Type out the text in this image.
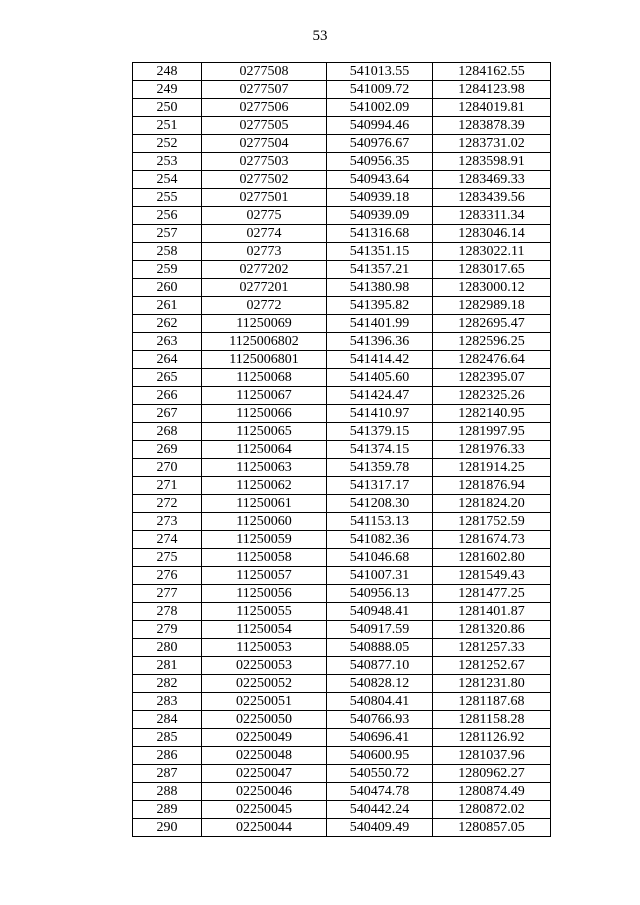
53
248	0277508	541013.55	1284162.55
249	0277507	541009.72	1284123.98
250	0277506	541002.09	1284019.81
251	0277505	540994.46	1283878.39
252	0277504	540976.67	1283731.02
253	0277503	540956.35	1283598.91
254	0277502	540943.64	1283469.33
255	0277501	540939.18	1283439.56
256	02775	540939.09	1283311.34
257	02774	541316.68	1283046.14
258	02773	541351.15	1283022.11
259	0277202	541357.21	1283017.65
260	0277201	541380.98	1283000.12
261	02772	541395.82	1282989.18
262	11250069	541401.99	1282695.47
263	1125006802	541396.36	1282596.25
264	1125006801	541414.42	1282476.64
265	11250068	541405.60	1282395.07
266	11250067	541424.47	1282325.26
267	11250066	541410.97	1282140.95
268	11250065	541379.15	1281997.95
269	11250064	541374.15	1281976.33
270	11250063	541359.78	1281914.25
271	11250062	541317.17	1281876.94
272	11250061	541208.30	1281824.20
273	11250060	541153.13	1281752.59
274	11250059	541082.36	1281674.73
275	11250058	541046.68	1281602.80
276	11250057	541007.31	1281549.43
277	11250056	540956.13	1281477.25
278	11250055	540948.41	1281401.87
279	11250054	540917.59	1281320.86
280	11250053	540888.05	1281257.33
281	02250053	540877.10	1281252.67
282	02250052	540828.12	1281231.80
283	02250051	540804.41	1281187.68
284	02250050	540766.93	1281158.28
285	02250049	540696.41	1281126.92
286	02250048	540600.95	1281037.96
287	02250047	540550.72	1280962.27
288	02250046	540474.78	1280874.49
289	02250045	540442.24	1280872.02
290	02250044	540409.49	1280857.05
